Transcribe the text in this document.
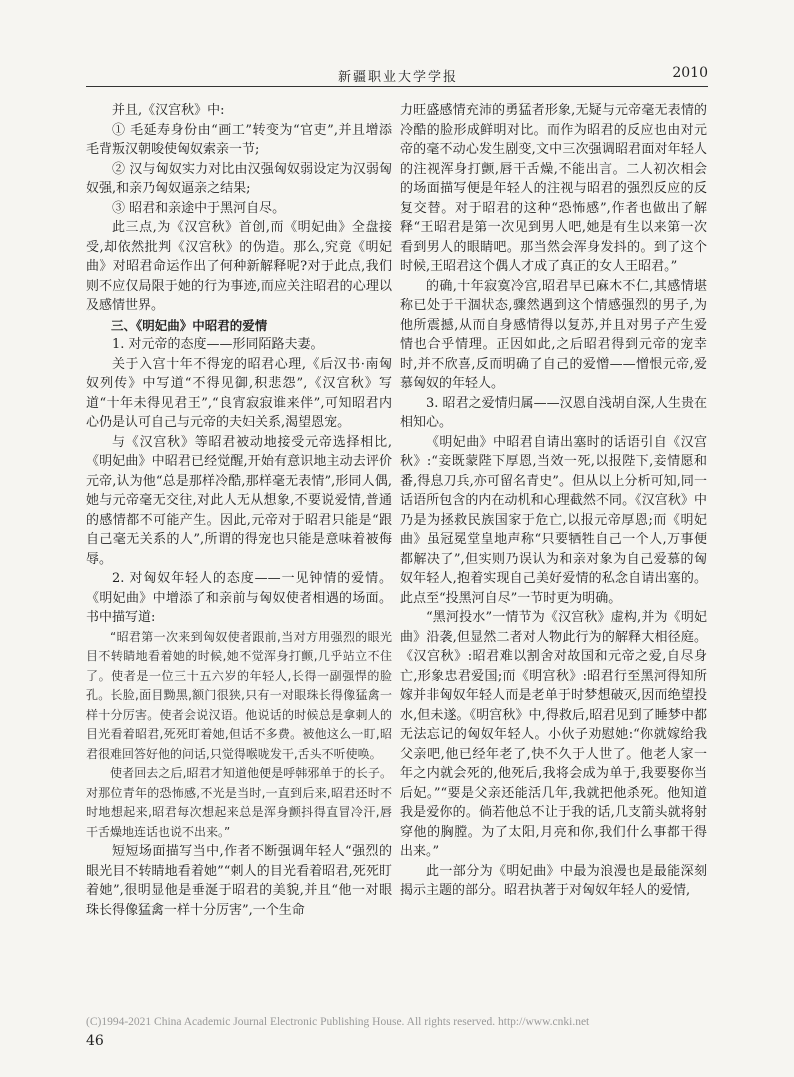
新疆职业大学学报	2010

并且,《汉宫秋》中:

① 毛延寿身份由“画工”转变为“官吏”,并且增添毛背叛汉朝唆使匈奴索亲一节;

② 汉与匈奴实力对比由汉强匈奴弱设定为汉弱匈奴强,和亲乃匈奴逼亲之结果;

③ 昭君和亲途中于黑河自尽。

此三点,为《汉宫秋》首创,而《明妃曲》全盘接受,却依然批判《汉宫秋》的伪造。那么,究竟《明妃曲》对昭君命运作出了何种新解释呢?对于此点,我们则不应仅局限于她的行为事迹,而应关注昭君的心理以及感情世界。

三、《明妃曲》中昭君的爱情

1. 对元帝的态度——形同陌路夫妻。

关于入宫十年不得宠的昭君心理,《后汉书·南匈奴列传》中写道“不得见御,积悲怨”,《汉宫秋》写道“十年未得见君王”,“良宵寂寂谁来伴”,可知昭君内心仍是认可自己与元帝的夫妇关系,渴望恩宠。

与《汉宫秋》等昭君被动地接受元帝选择相比,《明妃曲》中昭君已经觉醒,开始有意识地主动去评价元帝,认为他“总是那样冷酷,那样毫无表情”,形同人偶,她与元帝毫无交往,对此人无从想象,不要说爱情,普通的感情都不可能产生。因此,元帝对于昭君只能是“跟自己毫无关系的人”,所谓的得宠也只能是意味着被侮辱。

2. 对匈奴年轻人的态度——一见钟情的爱情。《明妃曲》中增添了和亲前与匈奴使者相遇的场面。书中描写道:

“昭君第一次来到匈奴使者跟前,当对方用强烈的眼光目不转睛地看着她的时候,她不觉浑身打颤,几乎站立不住了。使者是一位三十五六岁的年轻人,长得一副强悍的脸孔。长脸,面目黝黑,额门很狭,只有一对眼珠长得像猛禽一样十分厉害。使者会说汉语。他说话的时候总是拿刺人的目光看着昭君,死死盯着她,但话不多费。被他这么一盯,昭君很难回答好他的问话,只觉得喉咙发干,舌头不听使唤。

使者回去之后,昭君才知道他便是呼韩邪单于的长子。对那位青年的恐怖感,不光是当时,一直到后来,昭君还时不时地想起来,昭君每次想起来总是浑身颤抖得直冒冷汗,唇干舌燥地连话也说不出来。”

短短场面描写当中,作者不断强调年轻人“强烈的眼光目不转睛地看着她”“刺人的目光看着昭君,死死盯着她”,很明显他是垂涎于昭君的美貌,并且“他一对眼珠长得像猛禽一样十分厉害”,一个生命

力旺盛感情充沛的勇猛者形象,无疑与元帝毫无表情的冷酷的脸形成鲜明对比。而作为昭君的反应也由对元帝的毫不动心发生剧变,文中三次强调昭君面对年轻人的注视浑身打颤,唇干舌燥,不能出言。二人初次相会的场面描写便是年轻人的注视与昭君的强烈反应的反复交替。对于昭君的这种“恐怖感”,作者也做出了解释“王昭君是第一次见到男人吧,她是有生以来第一次看到男人的眼睛吧。那当然会浑身发抖的。到了这个时候,王昭君这个偶人才成了真正的女人王昭君。”

的确,十年寂寞冷宫,昭君早已麻木不仁,其感情堪称已处于干涸状态,骤然遇到这个情感强烈的男子,为他所震撼,从而自身感情得以复苏,并且对男子产生爱情也合乎情理。正因如此,之后昭君得到元帝的宠幸时,并不欣喜,反而明确了自己的爱憎——憎恨元帝,爱慕匈奴的年轻人。

3. 昭君之爱情归属——汉恩自浅胡自深,人生贵在相知心。

《明妃曲》中昭君自请出塞时的话语引自《汉宫秋》:“妾既蒙陛下厚恩,当效一死,以报陛下,妾情愿和番,得息刀兵,亦可留名青史”。但从以上分析可知,同一话语所包含的内在动机和心理截然不同。《汉宫秋》中乃是为拯救民族国家于危亡,以报元帝厚恩;而《明妃曲》虽冠冕堂皇地声称“只要牺牲自己一个人,万事便都解决了”,但实则乃误认为和亲对象为自己爱慕的匈奴年轻人,抱着实现自己美好爱情的私念自请出塞的。此点至“投黑河自尽”一节时更为明确。

“黑河投水”一情节为《汉宫秋》虚构,并为《明妃曲》沿袭,但显然二者对人物此行为的解释大相径庭。《汉宫秋》:昭君难以割舍对故国和元帝之爱,自尽身亡,形象忠君爱国;而《明宫秋》:昭君行至黑河得知所嫁并非匈奴年轻人而是老单于时梦想破灭,因而绝望投水,但未遂。《明宫秋》中,得救后,昭君见到了睡梦中都无法忘记的匈奴年轻人。小伙子劝慰她:“你就嫁给我父亲吧,他已经年老了,快不久于人世了。他老人家一年之内就会死的,他死后,我将会成为单于,我要娶你当后妃。”“要是父亲还能活几年,我就把他杀死。他知道我是爱你的。倘若他总不让于我的话,几支箭头就将射穿他的胸膛。为了太阳,月亮和你,我们什么事都干得出来。”

此一部分为《明妃曲》中最为浪漫也是最能深刻揭示主题的部分。昭君执著于对匈奴年轻人的爱情,

(C)1994-2021 China Academic Journal Electronic Publishing House. All rights reserved. http://www.cnki.net
46
